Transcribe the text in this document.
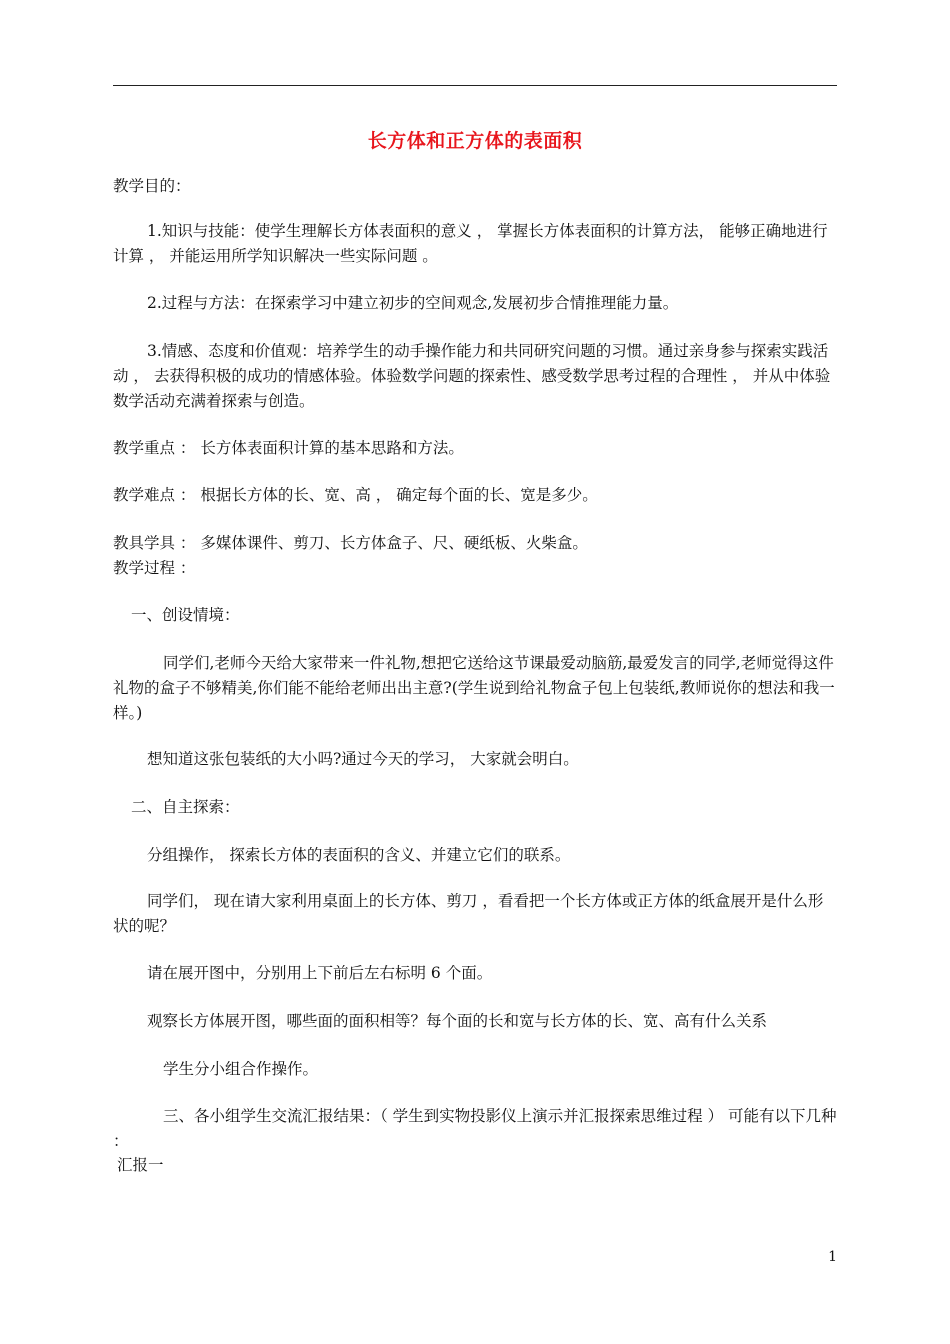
长方体和正方体的表面积

教学目的：

1.知识与技能：使学生理解长方体表面积的意义 ， 掌握长方体表面积的计算方法， 能够正确地进行计算 ， 并能运用所学知识解决一些实际问题 。

2.过程与方法：在探索学习中建立初步的空间观念,发展初步合情推理能力量。

3.情感、态度和价值观：培养学生的动手操作能力和共同研究问题的习惯。通过亲身参与探索实践活动 ， 去获得积极的成功的情感体验。体验数学问题的探索性、感受数学思考过程的合理性 ， 并从中体验数学活动充满着探索与创造。

教学重点 ： 长方体表面积计算的基本思路和方法。

教学难点 ： 根据长方体的长、宽、高 ， 确定每个面的长、宽是多少。

教具学具 ： 多媒体课件、剪刀、长方体盒子、尺、硬纸板、火柴盒。

教学过程 ：

一、创设情境：

同学们,老师今天给大家带来一件礼物,想把它送给这节课最爱动脑筋,最爱发言的同学,老师觉得这件礼物的盒子不够精美,你们能不能给老师出出主意?(学生说到给礼物盒子包上包装纸,教师说你的想法和我一样。)

想知道这张包装纸的大小吗?通过今天的学习， 大家就会明白。

二、自主探索：

分组操作， 探索长方体的表面积的含义、并建立它们的联系。

同学们， 现在请大家利用桌面上的长方体、剪刀 ，看看把一个长方体或正方体的纸盒展开是什么形状的呢？

请在展开图中，分别用上下前后左右标明 6 个面。

观察长方体展开图，哪些面的面积相等？每个面的长和宽与长方体的长、宽、高有什么关系

学生分小组合作操作。

三、各小组学生交流汇报结果：（ 学生到实物投影仪上演示并汇报探索思维过程 ） 可能有以下几种 ：

汇报一

1
